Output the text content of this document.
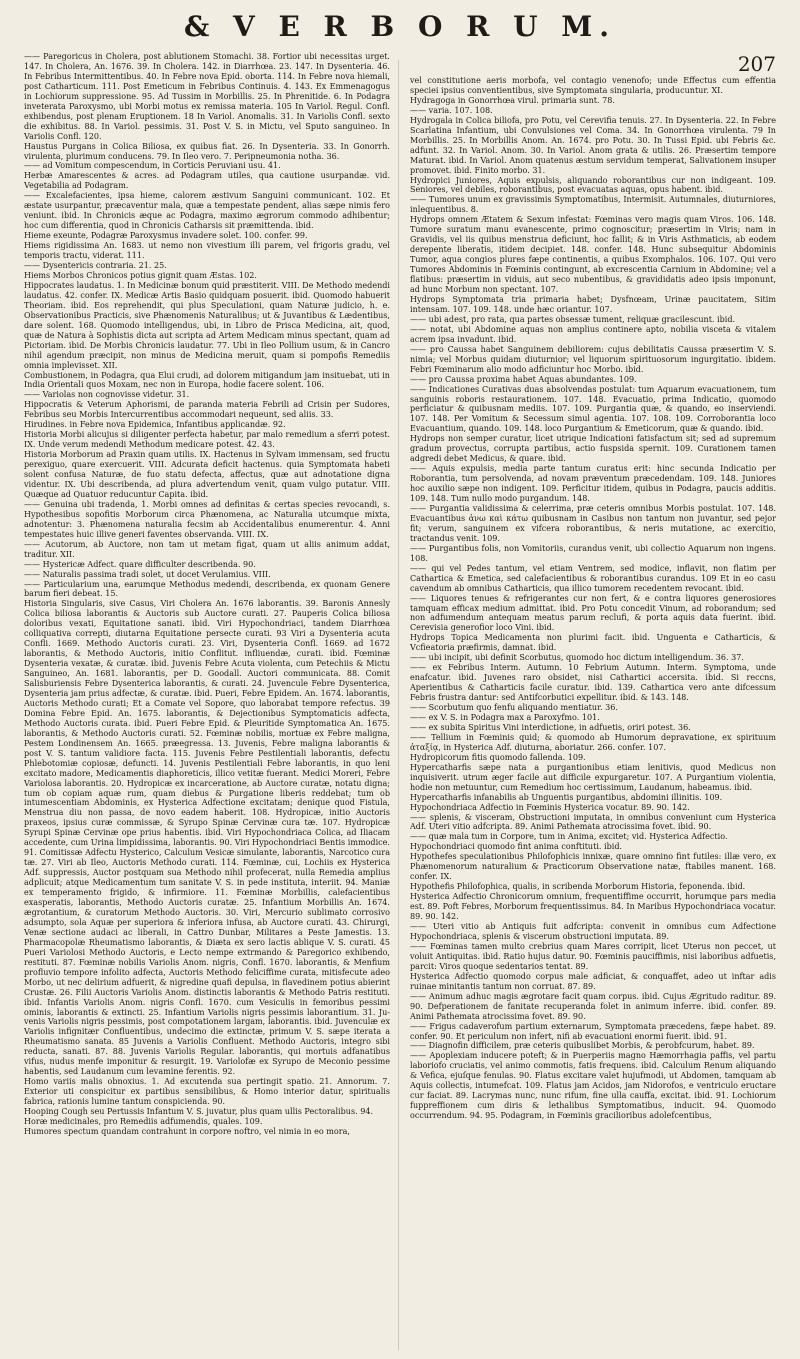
& V E R B O R U M.
207

—— Paregoricus in Cholera, post ablutionem Stomachi. 38. Fortior ubi necessitas urget. 147. In Cholera, An. 1676. 39. In Cholera. 142. in Diarrhœa. 23. 147. In Dysenteria. 46. In Febribus Intermittentibus. 40. In Febre nova Epid. oborta. 114. In Febre nova hiemali, post Catharticum. 111. Post Emeticum in Febribus Continuis. 4. 143. Ex Emmenagogus in Lochiorum suppressione. 95. Ad Tussim in Morbillis. 25. In Phrenitide. 6. In Podagra inveterata Paroxysmo, ubi Morbi motus ex remissa materia. 105 In Variol. Regul. Confl. exhibendus, post plenam Eruptionem. 18 In Variol. Anomalis. 31. In Variolis Confl. sexto die exhibitus. 88. In Variol. pessimis. 31. Post V. S. in Mictu, vel Sputo sanguineo. In Variolis Confl. 120.

Haustus Purgans in Colica Biliosa, ex quibus fiat. 26. In Dysenteria. 33. In Gonorrh. virulenta, plurimum conducens. 79. In Ileo vero. 7. Peripneumonia notha. 36.

—— ad Vomitum compescendum, in Corticis Peruviani usu. 41.

Herbæ Amarescentes & acres. ad Podagram utiles, qua cautione usurpandæ. vid. Vegetabilia ad Podagram.

—— Excalefacientes, ipsa hieme, calorem æstivum Sanguini communicant. 102. Et æstate usurpantur, præcaventur mala, quæ a tempestate pendent, alias sæpe nimis fero veniunt. ibid. In Chronicis æque ac Podagra, maximo ægrorum commodo adhibentur; hoc cum differentia, quod in Chronicis Catharsis sit præmittenda. ibid.

Hieme exeunte, Podagræ Paroxysmus invadere solet. 100. confer. 99.

Hiems rigidissima An. 1683. ut nemo non vivestium illi parem, vel frigoris gradu, vel temporis tractu, viderat. 111.

—— Dysentericis contraria. 21. 25.

Hiems Morbos Chronicos potius gignit quam Æstas. 102.

Hippocrates laudatus. 1. In Medicinæ bonum quid præstiterit. VIII. De Methodo medendi laudatus. 42. confer. IX. Medicæ Artis Basio quidquam posuerit. ibid. Quomodo habuerit Theoriam. ibid. Eos reprehendit, qui plus Speculationi, quam Naturæ judicio, h. e. Observationibus Practicis, sive Phænomenis Naturalibus; ut & Juvantibus & Lædentibus, dare solent. 168. Quomodo intelligendus, ubi, in Libro de Prisca Medicina, ait, quod, quæ de Natura à Sophistis dicta aut scripta ad Artem Medicam minus spectant, quam ad Pictoriam. ibid. De Morbis Chronicis laudatur. 77. Ubi in Ileo Pollium usum, & in Cancro nihil agendum præcipit, non minus de Medicina meruit, quam si pompofis Remediis omnia implevisset. XII.

Combustionem, in Podagra, qua Elui crudi, ad dolorem mitigandum jam insituebat, uti in India Orientali quos Moxam, nec non in Europa, hodie facere solent. 106.

—— Variolas non cognovisse videtur. 31.

Hippocratis & Veterum Aphorismi, de paranda materia Febrili ad Crisin per Sudores, Febribus seu Morbis Intercurrentibus accommodari nequeunt, sed aliis. 33.

Hirudines. in Febre nova Epidemica, Infantibus applicandæ. 92.

Historia Morbi alicujus si diligenter perfecta habetur, par malo remedium a sferri potest. IX. Unde verum medendi Methodum medicare potest. 42. 43.

Historia Morborum ad Praxin quam utilis. IX. Hactenus in Sylvam immensam, sed fructu perexiguo, quare exercuerit. VIII. Adcurata deficit hactenus. quia Symptomata habeti solent confusa Naturæ, de fuo statu defecta, affectus, quæ aut adnotatione digna videntur. IX. Ubi describenda, ad plura advertendum venit, quam vulgo putatur. VIII. Quæque ad Quatuor reducuntur Capita. ibid.

—— Genuina ubi tradenda, 1. Morbi omnes ad definitas & certas species revocandi, s. Hypothesibus sopofitis Morborum circa Phænomena, ac Naturalia utcumque mixta, adnotentur: 3. Phænomena naturalia fecsim ab Accidentalibus enumerentur. 4. Anni tempestates huic illive generi faventes observanda. VIII. IX.

—— Acutorum, ab Auctore, non tam ut metam figat, quam ut aliis animum addat, traditur. XII.

—— Hystericæ Adfect. quare difficulter describenda. 90.

—— Naturalis passima tradi solet, ut docet Verulamius. VIII.

—— Particularium una, earumque Methodus medendi, describenda, ex quonam Genere barum fieri debeat. 15.

Historia Singularis, sive Casus, Viri Cholera An. 1676 laborantis. 39. Baronis Annesly Colica biliosa laborantis & Auctoris sub Auctore curati. 27. Pauperis Colica biliosa doloribus vexati, Equitatione sanati. ibid. Viri Hypochondriaci, tandem Diarrhœa colliquativa correpti, diutarna Equitatione persecte curati. 93 Viri a Dysenteria acuta Confli. 1669. Methodo Auctoris curati. 23. Viri, Dysenteria Confl. 1669. ad 1672 laborantis, & Methodo Auctoris, initio Conflitut. infliuendæ, curati. ibid. Fœminæ Dysenteria vexatæ, & curatæ. ibid. Juvenis Febre Acuta violenta, cum Petechiis & Mictu Sanguineo, An. 1681. laborantis, per D. Goodall. Auctori communicata. 88. Comit Salisburiensis Febre Dysenterica laborantis, & curati. 24. Juvencule Febre Dysenterica, Dysenteria jam prius adfectæ, & curatæ. ibid. Pueri, Febre Epidem. An. 1674. laborantis, Auctoris Methodo curati; Et a Comate vel Sopore, quo laborabat tempore refectus. 39 Domina Febre Epid. An. 1675. laborantis, & Dejectionibus Symptomaticis adfecta, Methodo Auctoris curata. ibid. Pueri Febre Epid. & Pleuritide Symptomatica An. 1675. laborantis, & Methodo Auctoris curati. 52. Fœminæ nobilis, mortuæ ex Febre maligna, Pestem Londinensem An. 1665. præegressa. 13. Juvenis, Febre maligna laborantis & post V. S. tantum validiore facta. 115. Juvenis Febre Pestilentiali laborantis, defectu Phlebotomiæ copiosæ, defuncti. 14. Juvenis Pestilentiali Febre laborantis, in quo leni excitato madore, Medicamentis diaphoreticis, illico vetitæ fuerant. Medici Moreri, Febre Variolosa laborantis. 20. Hydropicæ ex incarceratione, ab Auctore curatæ, notatu digna; tum ob copiam aquæ rum, quam diebus & Purgatione liberis reddebat; tum ob intumescentiam Abdominis, ex Hysterica Adfectione excitatam; denique quod Fistula, Menstrua diu non passa, de novo eadem haberit. 108. Hydropicæ, initio Auctoris praxeos, ipsius curæ commissæ, & Syrupo Spinæ Cervinæ cura tæ. 107. Hydropicæ Syrupi Spinæ Cervinæ ope prius habentis. ibid. Viri Hypochondriaca Colica, ad Iliacam accedente, cum Urina limpidissima, laborantis. 90. Viri Hypochondriaci Bentis immodice. 91. Comitissæ Adfectu Hysterico, Calculum Vesicæ simulante, laborantis, Narcotico cura tæ. 27. Viri ab Ileo, Auctoris Methodo curati. 114. Fœminæ, cui, Lochiis ex Hysterica Adf. suppressis, Auctor postquam sua Methodo nihil profecerat, nulla Remedia amplius adplicuit; atque Medicamentum tum sanitate V. S. in pede instituta, interiit. 94. Maniæ ex temperamento frigido, & infirmiore. 11. Fœminæ Morbillis, calefacientibus exasperatis, laborantis, Methodo Auctoris curatæ. 25. Infantium Morbillis An. 1674. ægrotantium, & curatorum Methodo Auctoris. 30. Viri, Mercurio sublimato corrosivo adsumpto, sola Aquæ per superiora & inferiora infusa, ab Auctore curati. 43. Chirurgi, Venæ sectione audaci ac liberali, in Cattro Dunbar, Militares a Peste Jamestis. 13. Pharmacopolæ Rheumatismo laborantis, & Diæta ex sero lactis ablique V. S. curati. 45 Pueri Variolosi Methodo Auctoris, e Lecto nempe extrmando & Paregorico exhibendo, restituti. 87. Fœminæ nobilis Variolis Anom. nigris, Confl. 1670. laborantis, & Menfium profluvio tempore infolito adfecta, Auctoris Methodo feliciffime curata, mitisfecute adeo Morbo, ut nec delirium adfuerit, & nigredine quafi depulsa, in flavedinem potius abierint Crustæ. 26. Filii Auctoris Variolis Anom. distinctis laborantis & Methodo Patris restituti. ibid. Infantis Variolis Anom. nigris Confl. 1670. cum Vesiculis in femoribus pessimi ominis, laborantis & extincti. 25. Infantium Variolis nigris pessimis laborantium. 31. Juvenis Variolis nigris pessimis, post compotationem largam, laborantis. ibid. Juvenculæ ex Variolis infignitær Confluentibus, undecimo die extinctæ, primum V. S. sæpe iterata a Rheumatismo sanata. 85 Juvenis a Variolis Confluent. Methodo Auctoris, integro sibi reducta, sanati. 87. 88. Juvenis Variolis Regular. laborantis, qui mortuis adfanatibus vifus, nudus menfe imponitur & resurgit. 19. Variolofæ ex Syrupo de Meconio pessime habentis, sed Laudanum cum levamine ferentis. 92.

Homo variis malis obnoxius. 1. Ad excutenda sua pertingit spatio. 21. Annorum. 7. Exterior uti conspicitur ex partibus sensibilibus, & Homo interior datur, spiritualis fabrica, rationis lumine tantum conspicienda. 90.

Hooping Cough seu Pertussis Infantum V. S. juvatur, plus quam ullis Pectoralibus. 94.

Horæ medicinales, pro Remediis adfumendis, quales. 109.

Humores spectum quandam contrahunt in corpore noftro, vel nimia in eo mora,

vel constitutione aeris morbofa, vel contagio venenofo; unde Effectus cum effentia speciei ipsius conventientibus, sive Symptomata singularia, producuntur. XI.

Hydragoga in Gonorrhœa virul. primaria sunt. 78.

—— varia. 107. 108.

Hydrogala in Colica biliofa, pro Potu, vel Cerevifia tenuis. 27. In Dysenteria. 22. In Febre Scarlatina Infantium, ubi Convulsiones vel Coma. 34. In Gonorrhœa virulenta. 79 In Morbillis. 25. In Morbillis Anom. An. 1674. pro Potu. 30. In Tussi Epid. ubi Febris &c. adfunt. 32. In Variol. Anom. 30. In Variol. Anom grata & utilis. 26. Præsertim tempore Maturat. ibid. In Variol. Anom quatenus æstum servidum temperat, Salivationem insuper promovet. ibid. Finito morbo. 31.

Hydropici Juniores, Aquis expulsis, aliquando roborantibus cur non indigeant. 109. Seniores, vel debiles, roborantibus, post evacuatas aquas, opus habent. ibid.

—— Tumores unum ex gravissimis Symptomatibus, Intermisit. Autumnales, diuturniores, inlequentibus. 8.

Hydrops omnem Ætatem & Sexum infestat: Fœminas vero magis quam Viros. 106. 148. Tumore suratum manu evanescente, primo cognoscitur; præsertim in Viris; nam in Gravidis, vel iis quibus menstrua deficiunt, hoc fallit; & in Viris Asthmaticis, ab eodem derepente liberatis, itidem decipiet. 148. confer. 148. Hunc subsequitur Abdominis Tumor, aqua congios plures fæpe continentis, a quibus Exomphalos. 106. 107. Qui vero Tumores Abdominis in Fœminis contingunt, ab excrescentia Carnium in Abdomine; vel a flatibus: præsertim in viduis, aut seco nubentibus, & gravididatis adeo ipsis imponunt, ad hunc Morbum non spectant. 107.

Hydrops Symptomata tria primaria habet; Dysfnœam, Urinæ paucitatem, Sitim intensam. 107. 109. 148. unde hæc oriantur. 107.

—— ubi adest, pro rata, qua partes obsessæ tument, reliquæ gracilescunt. ibid.

—— notat, ubi Abdomine aquas non amplius continere apto, nobilia visceta & vitalem acrem ipsa invadunt. ibid.

—— pro Caussa habet Sanguinem debiliorem: cujus debilitatis Caussa præsertim V. S. nimia; vel Morbus quidam diuturnior; vel liquorum spirituosorum ingurgitatio. ibidem. Febri Fœminarum alio modo adficiuntur hoc Morbo. ibid.

—— pro Caussa proxima habet Aquas abundantes. 109.

—— Indicationes Curativas duas absolvendas postulat: tum Aquarum evacuationem, tum sanguinis roboris restaurationem. 107. 148. Evacuatio, prima Indicatio, quomodo perficiatur & quibusnam mediis. 107. 109. Purgantia quæ, & quando, eo inserviendi. 107. 148. Per Vomitum & Secessum simul agentia. 107. 108. 109. Corroborantia loco Evacuantium, quando. 109. 148. loco Purgantium & Emeticorum, quæ & quando. ibid.

Hydrops non semper curatur, licet utrique Indicationi fatisfactum sit; sed ad supremum gradum provectus, corrupta partibus, actio fuspsida spernit. 109. Curationem tamen adgredi debet Medicus, & quare. ibid.

—— Aquis expulsis, media parte tantum curatus erit: hinc secunda Indicatio per Roborantia, tum persolvenda, ad novam præventum præcedendam. 109. 148. Juniores hoc auxilio sæpe non indigent. 109. Perficitur itidem, quibus in Podagra, paucis additis. 109. 148. Tum nullo modo purgandum. 148.

—— Purgantia validissima & celerrima, præ ceteris omnibus Morbis postulat. 107. 148. Evacuantibus ἀνω καὶ κάτω quibusnam in Casibus non tantum non juvantur, sed pejor fit; verum, sanguinem ex vifcera roborantibus, & neris mutatione, ac exercitio, tractandus venit. 109.

—— Purgantibus folis, non Vomitoriis, curandus venit, ubi collectio Aquarum non ingens. 108.

—— qui vel Pedes tantum, vel etiam Ventrem, sed modice, inflavit, non flatim per Cathartica & Emetica, sed calefacientibus & roborantibus curandus. 109 Et in eo casu cavendum ab omnibus Catharticis, qua illico tumorem recedentem revocant. ibid.

—— Liquores tenues & refrigerantes cur non fert, & e contra liquores generosiores tamquam efficax medium admittat. ibid. Pro Potu concedit Vinum, ad roborandum; sed non adfumendum antequam meatus parum reclufi, & porta aquis data fuerint. ibid. Cerevisia generofior loco Vini. ibid.

Hydrops Topica Medicamenta non plurimi facit. ibid. Unguenta e Catharticis, & Vcfieatoria præfirmis, damnat. ibid.

—— ubi incipit, ubi definit Scorbutus, quomodo hoc dictum intelligendum. 36. 37.

—— ex Febribus Interm. Autumn. 10 Febrium Autumn. Interm. Symptoma, unde enafcatur. ibid. Juvenes raro obsidet, nisi Cathartici accersita. ibid. Si reccns, Aperientibus & Catharticis facile curatur. ibid. 139. Cathartica vero ante difcessum Febris frustra dantur: sed Antifcorbutici expellitur. ibid. & 143. 148.

—— Scorbutum quo fenfu aliquando mentiatur. 36.

—— ex V. S. in Podagra max a Paroxyfmo. 101.

—— ex subita Spiritus Vini interdictione, in adfuetis, oriri potest. 36.

—— Tellium in Fœminis quid; & quomodo ab Humorum depravatione, ex spirituum ἀταξίᾳ, in Hysterica Adf. diuturna, aboriatur. 266. confer. 107.

Hydropicorum fitis quomodo fallenda. 109.

Hypercatharfis sæpe nata a purgantionibus etiam lenitivis, quod Medicus non inquisiverit. utrum æger facile aut difficile expurgaretur. 107. A Purgantium violentia, hodie non metuuntur, cum Remedium hoc certissimum, Laudanum, habeamus. ibid.

Hypercatharfis infanabilis ab Unguentis purgantibus, abdomini illinitis. 109.

Hypochondriaca Adfectio in Fœminis Hysterica vocatur. 89. 90. 142.

—— splenis, & visceram, Obstructioni imputata, in omnibus conveniunt cum Hysterica Adf. Uteri vitio adfcripta. 89. Animi Pathemata atrocissima fovet. ibid. 90.

—— quæ mala tum in Corpore, tum in Anima, excitet; vid. Hysterica Adfectio.

Hypochondriaci quomodo fint anima conftituti. ibid.

Hypothefes speculationibus Philofophicis innixæ, quare omnino fint futiles: illæ vero, ex Phænomenorum naturalium & Practicorum Observatione natæ, ftabiles manent. 168. confer. IX.

Hypothefis Philofophica, qualis, in scribenda Morborum Historia, feponenda. ibid.

Hysterica Adfectio Chronicorum omnium, frequentiffime occurrit, horumque pars media est. 89. Poft Febres, Morborum frequentissimus. 84. In Maribus Hypochondriaca vocatur. 89. 90. 142.

—— Uteri vitio ab Antiquis fuit adfcripta: convenit in omnibus cum Adfectione Hypochondriaca, splenis & viscerum obstructioni imputata. 89.

—— Fœminas tamen multo crebrius quam Mares corripit, licet Uterus non peccet, ut voluit Antiquitas. ibid. Ratio hujus datur. 90. Fœminis pauciffimis, nisi laboribus adfuetis, parcit: Viros quoque sedentarios tentat. 89.

Hysterica Adfectio quomodo corpus male adficiat, & conquaffet, adeo ut inftar adis ruinae minitantis tantum non corruat. 87. 89.

—— Animum adhuc magis ægrotare facit quam corpus. ibid. Cujus Ægritudo raditur. 89. 90. Defperationem de fanitate recuperanda folet in animum inferre. ibid. confer. 89. Animi Pathemata atrocissima fovet. 89. 90.

—— Frigus cadaverofum partium externarum, Symptomata præcedens, fæpe habet. 89. confer. 90. Et periculum non infert, nifi ab evacuationi enormi fuerit. ibid. 91.

—— Diagnofin difficilem, præ ceteris quibuslibet Morbis, & perobfcurum, habet. 89.

—— Apoplexiam inducere poteft; & in Puerperiis magno Hæmorrhagia paffis, vel partu laboriofo cruciatis, vel animo commotis, fatis frequens. ibid. Calculum Renum aliquando & Vefica, ejuſque fenulas. 90. Flatus excitare valet hujufmodi, ut Abdomen, tamquam ab Aquis collectis, intumefcat. 109. Flatus jam Acidos, jam Nidorofos, e ventriculo eructare cur faciat. 89. Lacrymas nunc, nunc rifum, fine ulla cauffa, excitat. ibid. 91. Lochiorum fuppreffionem cum diris & lethalibus Symptomatibus, inducit. 94. Quomodo occurrendum. 94. 95. Podagram, in Fœminis gracilioribus adolefcentibus,
